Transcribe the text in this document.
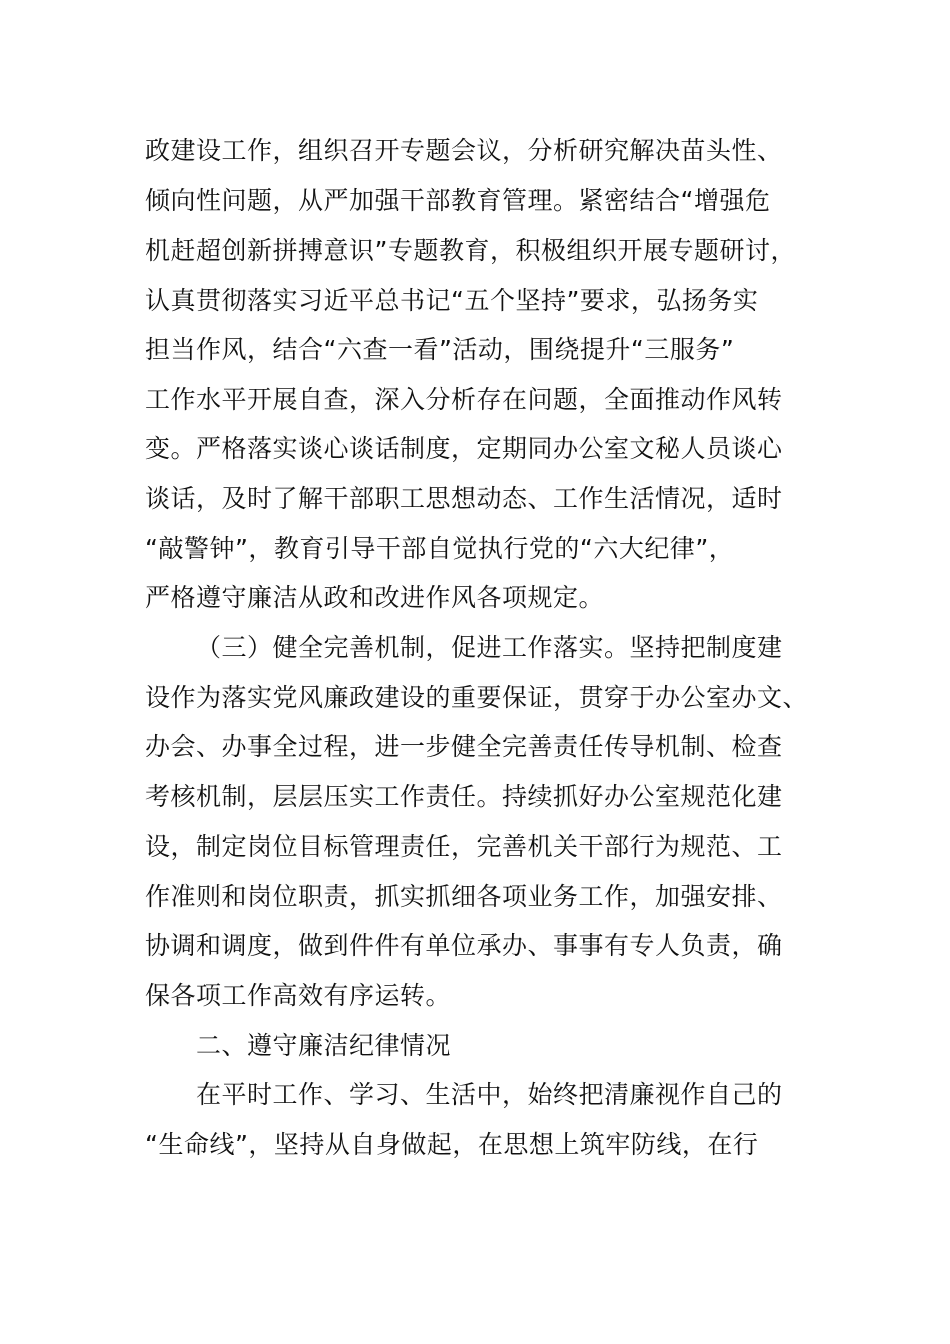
政建设工作，组织召开专题会议，分析研究解决苗头性、
倾向性问题，从严加强干部教育管理。紧密结合“增强危
机赶超创新拼搏意识”专题教育，积极组织开展专题研讨，
认真贯彻落实习近平总书记“五个坚持”要求，弘扬务实
担当作风，结合“六查一看”活动，围绕提升“三服务”
工作水平开展自查，深入分析存在问题，全面推动作风转
变。严格落实谈心谈话制度，定期同办公室文秘人员谈心
谈话，及时了解干部职工思想动态、工作生活情况，适时
“敲警钟”，教育引导干部自觉执行党的“六大纪律”，
严格遵守廉洁从政和改进作风各项规定。
（三）健全完善机制，促进工作落实。坚持把制度建
设作为落实党风廉政建设的重要保证，贯穿于办公室办文、
办会、办事全过程，进一步健全完善责任传导机制、检查
考核机制，层层压实工作责任。持续抓好办公室规范化建
设，制定岗位目标管理责任，完善机关干部行为规范、工
作准则和岗位职责，抓实抓细各项业务工作，加强安排、
协调和调度，做到件件有单位承办、事事有专人负责，确
保各项工作高效有序运转。
二、遵守廉洁纪律情况
在平时工作、学习、生活中，始终把清廉视作自己的
“生命线”，坚持从自身做起，在思想上筑牢防线，在行
